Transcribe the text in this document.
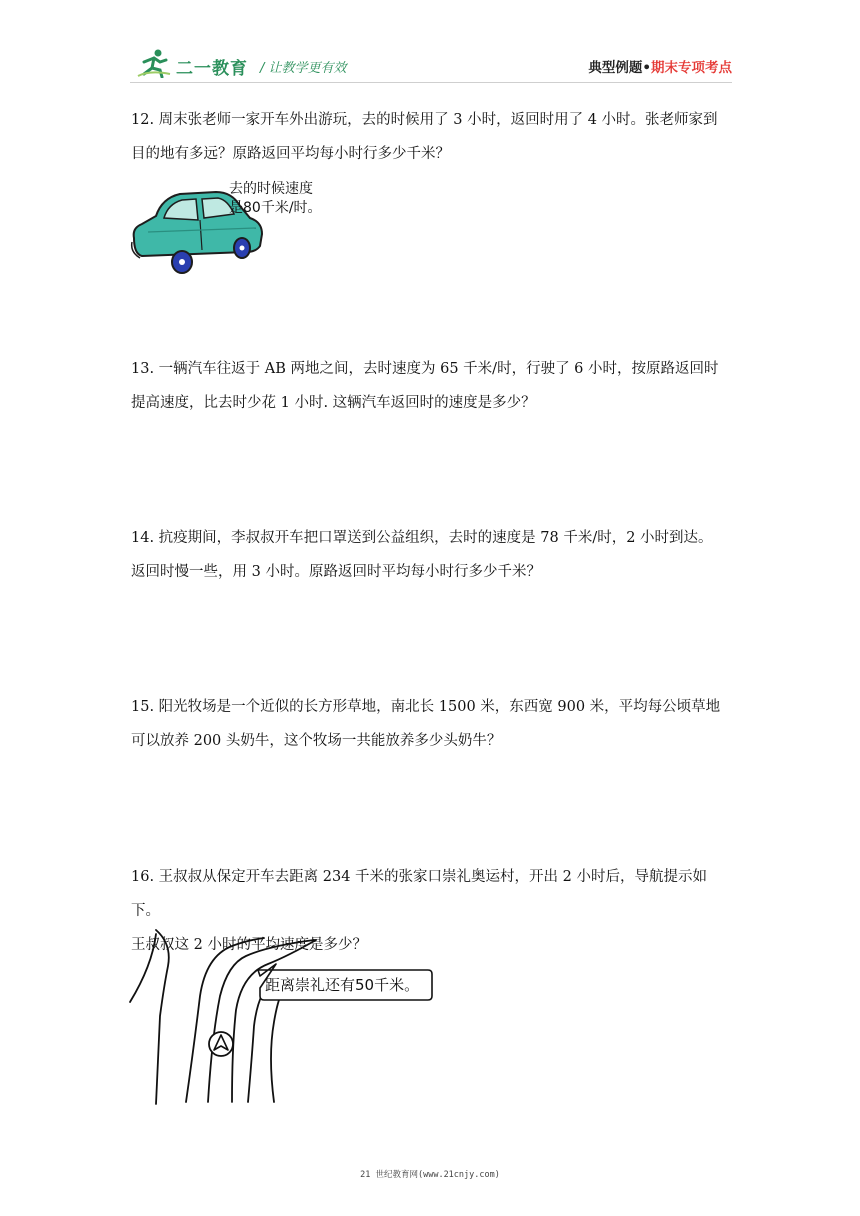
二一教育 / 让教学更有效	典型例题•期末专项考点

12. 周末张老师一家开车外出游玩，去的时候用了 3 小时，返回时用了 4 小时。张老师家到

目的地有多远？原路返回平均每小时行多少千米？

去的时候速度
是80千米/时。

13. 一辆汽车往返于 AB 两地之间，去时速度为 65 千米/时，行驶了 6 小时，按原路返回时

提高速度，比去时少花 1 小时. 这辆汽车返回时的速度是多少？

14. 抗疫期间，李叔叔开车把口罩送到公益组织，去时的速度是 78 千米/时，2 小时到达。

返回时慢一些，用 3 小时。原路返回时平均每小时行多少千米？

15. 阳光牧场是一个近似的长方形草地，南北长 1500 米，东西宽 900 米，平均每公顷草地

可以放养 200 头奶牛，这个牧场一共能放养多少头奶牛？

16. 王叔叔从保定开车去距离 234 千米的张家口崇礼奥运村，开出 2 小时后，导航提示如下。

王叔叔这 2 小时的平均速度是多少？

距离崇礼还有50千米。
21 世纪教育网(www.21cnjy.com)
